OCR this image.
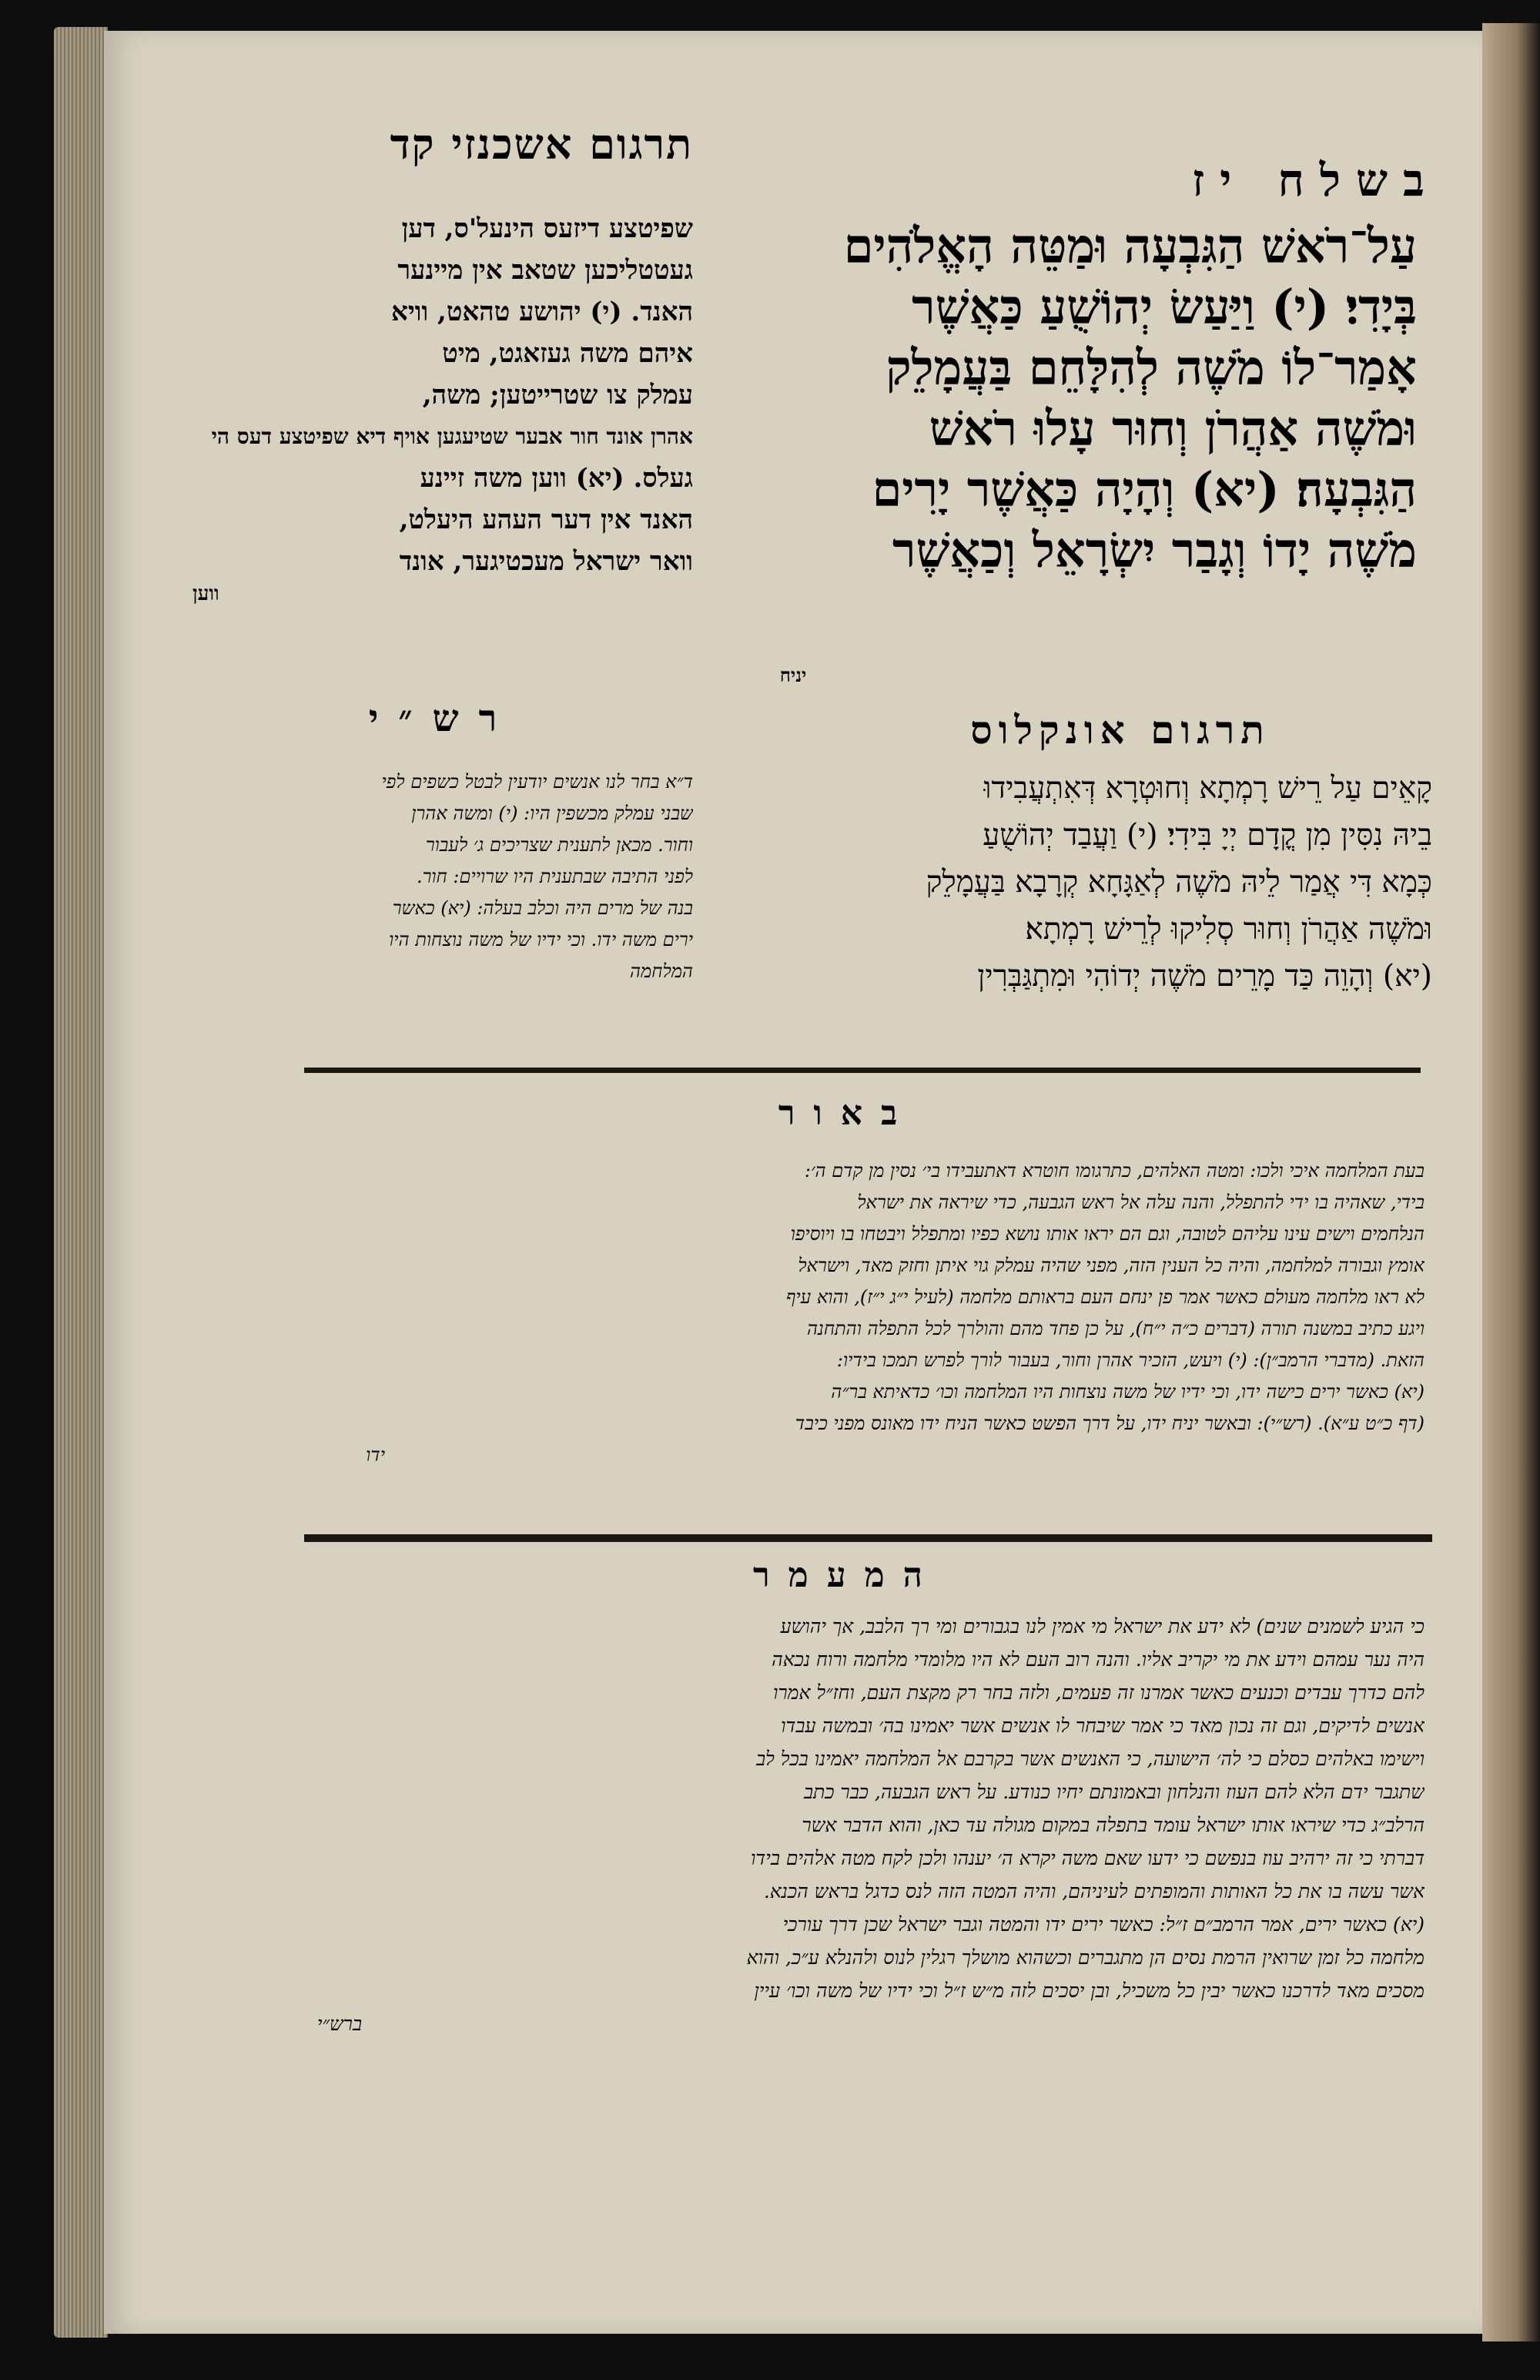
תרגום אשכנזי קד
בשלח יז
שפיטצע דיזעס הינעל'ס, דען
געטטליכען שטאב אין מיינער
האנד. (י) יהושע טהאט, וויא
איהם משה געזאגט, מיט
עמלק צו שטרייטען; משה,
אהרן אונד חור אבער שטיעגען אויף דיא שפיטצע דעס הי
געלס. (יא) ווען משה זיינע
האנד אין דער העהע היעלט,
וואר ישראל מעכטיגער, אונד
ווען
עַל־רֹאשׁ הַגִּבְעָה וּמַטֵּה הָאֱלֹהִים
בְּיָדִי׃ (י) וַיַּעַשׂ יְהוֹשֻׁעַ כַּאֲשֶׁר
אָמַר־לוֹ מֹשֶׁה לְהִלָּחֵם בַּעֲמָלֵק
וּמֹשֶׁה אַהֲרֹן וְחוּר עָלוּ רֹאשׁ
הַגִּבְעָה׃ (יא) וְהָיָה כַּאֲשֶׁר יָרִים
מֹשֶׁה יָדוֹ וְגָבַר יִשְׂרָאֵל וְכַאֲשֶׁר
יניח
רש״י
ד״א בחר לנו אנשים יודעין לבטל כשפים לפי
שבני עמלק מכשפין היו: (י) ומשה אהרן
וחור. מכאן לתענית שצריכים ג׳ לעבור
לפני התיבה שבתענית היו שרויים: חור.
בנה של מרים היה וכלב בעלה: (יא) כאשר
ירים משה ידו. וכי ידיו של משה נוצחות היו
המלחמה
תרגום אונקלוס
קָאֵים עַל רֵישׁ רָמְתָא וְחוּטְרָא דְּאִתְעֲבִידוּ
בֵיהּ נִסִּין מִן קֳדָם יְיָ בִּידִי׃ (י) וַעֲבַד יְהוֹשֻׁעַ
כְּמָא דִּי אֲמַר לֵיהּ מֹשֶׁה לְאַגָּחָא קְרָבָא בַּעֲמָלֵק
וּמֹשֶׁה אַהֲרֹן וְחוּר סְלִיקוּ לְרֵישׁ רָמְתָא׃
(יא) וְהָוֵה כַּד מָרֵים מֹשֶׁה יְדוֹהִי וּמִתְגַּבְּרִין
באור
בעת המלחמה איכי ולכו: ומטה האלהים, כתרגומו חוטרא דאתעבידו בי׳ נסין מן קדם ה׳:
בידי, שאהיה בו ידי להתפלל, והנה עלה אל ראש הגבעה, כדי שיראה את ישראל
הנלחמים וישים עינו עליהם לטובה, וגם הם יראו אותו נושא כפיו ומתפלל ויבטחו בו ויוסיפו
אומץ וגבורה למלחמה, והיה כל הענין הזה, מפני שהיה עמלק גוי איתן וחזק מאד, וישראל
לא ראו מלחמה מעולם כאשר אמר פן ינחם העם בראותם מלחמה (לעיל י״ג י״ז), והוא עיף
ויגע כתיב במשנה תורה (דברים כ״ה י״ח), על כן פחד מהם והולרך לכל התפלה והתחנה
הזאת. (מדברי הרמב״ן): (י) ויעש, הזכיר אהרן וחור, בעבור לורך לפרש תמכו בידיו:
(יא) כאשר ירים כישה ידו, וכי ידיו של משה נוצחות היו המלחמה וכו׳ כדאיתא בר״ה
(דף כ״ט ע״א). (רש״י): ובאשר יניח ידו, על דרך הפשט כאשר הניח ידו מאונס מפני כיבד
ידו
המעמר
כי הגיע לשמנים שנים) לא ידע את ישראל מי אמין לנו בגבורים ומי רך הלבב, אך יהושע
היה נער עמהם וידע את מי יקריב אליו. והנה רוב העם לא היו מלומדי מלחמה ורוח נכאה
להם כדרך עבדים וכנעים כאשר אמרנו זה פעמים, ולזה בחר רק מקצת העם, וחז״ל אמרו
אנשים לדיקים, וגם זה נכון מאד כי אמר שיבחר לו אנשים אשר יאמינו בה׳ ובמשה עבדו
וישימו באלהים כסלם כי לה׳ הישועה, כי האנשים אשר בקרבם אל המלחמה יאמינו בכל לב
שתגבר ידם הלא להם העוז והנלחון ובאמונתם יחיו כנודע. על ראש הגבעה, כבר כתב
הרלב״ג כדי שיראו אותו ישראל עומד בתפלה במקום מגולה עד כאן, והוא הדבר אשר
דברתי כי זה ירהיב עוז בנפשם כי ידעו שאם משה יקרא ה׳ יענהו ולכן לקח מטה אלהים בידו
אשר עשה בו את כל האותות והמופתים לעיניהם, והיה המטה הזה לנס כדגל בראש הכנא.
(יא) כאשר ירים, אמר הרמב״ם ז״ל: כאשר ירים ידו והמטה וגבר ישראל שכן דרך עורכי
מלחמה כל זמן שרואין הרמת נסים הן מתגברים וכשהוא מושלך רגלין לנוס ולהנלא ע״כ, והוא
מסכים מאד לדרכנו כאשר יבין כל משכיל, ובן יסכים לזה מ״ש ז״ל וכי ידיו של משה וכו׳ עיין
ברש״י
